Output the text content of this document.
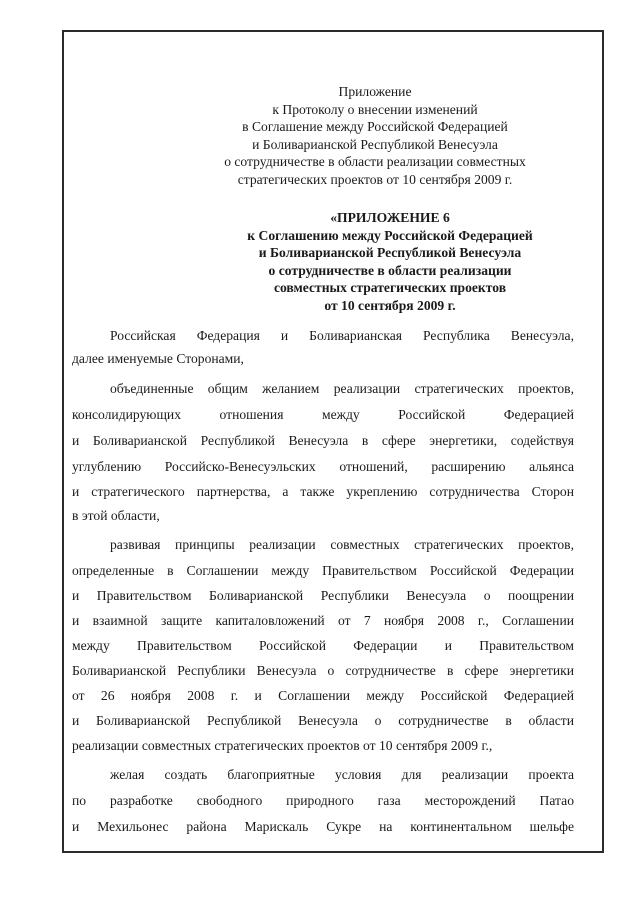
Приложение
к Протоколу о внесении изменений
в Соглашение между Российской Федерацией
и Боливарианской Республикой Венесуэла
о сотрудничестве в области реализации совместных
стратегических проектов от 10 сентября 2009 г.
«ПРИЛОЖЕНИЕ 6
к Соглашению между Российской Федерацией
и Боливарианской Республикой Венесуэла
о сотрудничестве в области реализации
совместных стратегических проектов
от 10 сентября 2009 г.
Российская Федерация и Боливарианская Республика Венесуэла,
далее именуемые Сторонами,
объединенные общим желанием реализации стратегических проектов,
консолидирующих отношения между Российской Федерацией
и Боливарианской Республикой Венесуэла в сфере энергетики, содействуя
углублению Российско-Венесуэльских отношений, расширению альянса
и стратегического партнерства, а также укреплению сотрудничества Сторон
в этой области,
развивая принципы реализации совместных стратегических проектов,
определенные в Соглашении между Правительством Российской Федерации
и Правительством Боливарианской Республики Венесуэла о поощрении
и взаимной защите капиталовложений от 7 ноября 2008 г., Соглашении
между Правительством Российской Федерации и Правительством
Боливарианской Республики Венесуэла о сотрудничестве в сфере энергетики
от 26 ноября 2008 г. и Соглашении между Российской Федерацией
и Боливарианской Республикой Венесуэла о сотрудничестве в области
реализации совместных стратегических проектов от 10 сентября 2009 г.,
желая создать благоприятные условия для реализации проекта
по разработке свободного природного газа месторождений Патао
и Мехильонес района Марискаль Сукре на континентальном шельфе
